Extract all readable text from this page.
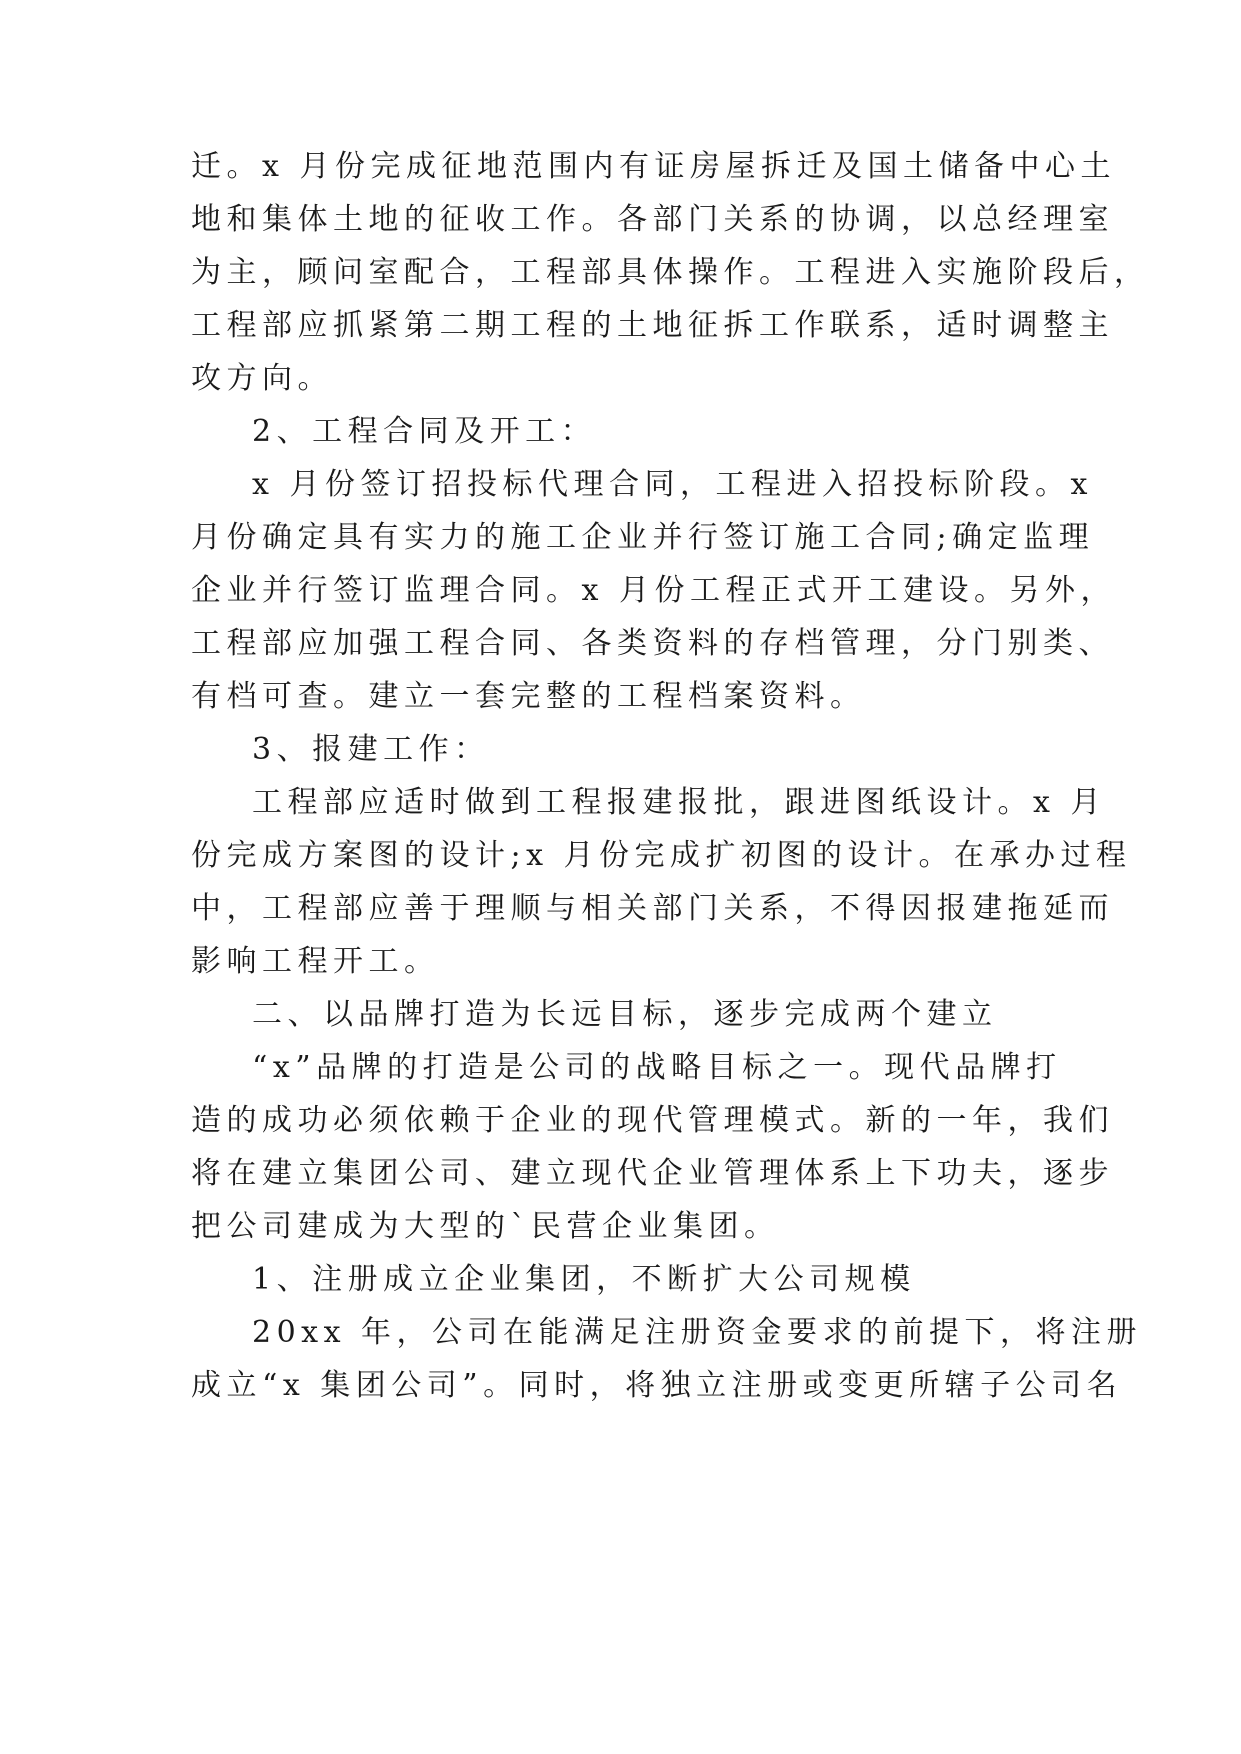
迁。x 月份完成征地范围内有证房屋拆迁及国土储备中心土
地和集体土地的征收工作。各部门关系的协调，以总经理室
为主，顾问室配合，工程部具体操作。工程进入实施阶段后，
工程部应抓紧第二期工程的土地征拆工作联系，适时调整主
攻方向。
2、工程合同及开工：
x 月份签订招投标代理合同，工程进入招投标阶段。x
月份确定具有实力的施工企业并行签订施工合同;确定监理
企业并行签订监理合同。x 月份工程正式开工建设。另外，
工程部应加强工程合同、各类资料的存档管理，分门别类、
有档可查。建立一套完整的工程档案资料。
3、报建工作：
工程部应适时做到工程报建报批，跟进图纸设计。x 月
份完成方案图的设计;x 月份完成扩初图的设计。在承办过程
中，工程部应善于理顺与相关部门关系，不得因报建拖延而
影响工程开工。
二、以品牌打造为长远目标，逐步完成两个建立
“x”品牌的打造是公司的战略目标之一。现代品牌打
造的成功必须依赖于企业的现代管理模式。新的一年，我们
将在建立集团公司、建立现代企业管理体系上下功夫，逐步
把公司建成为大型的`民营企业集团。
1、注册成立企业集团，不断扩大公司规模
20xx 年，公司在能满足注册资金要求的前提下，将注册
成立“x 集团公司”。同时，将独立注册或变更所辖子公司名
